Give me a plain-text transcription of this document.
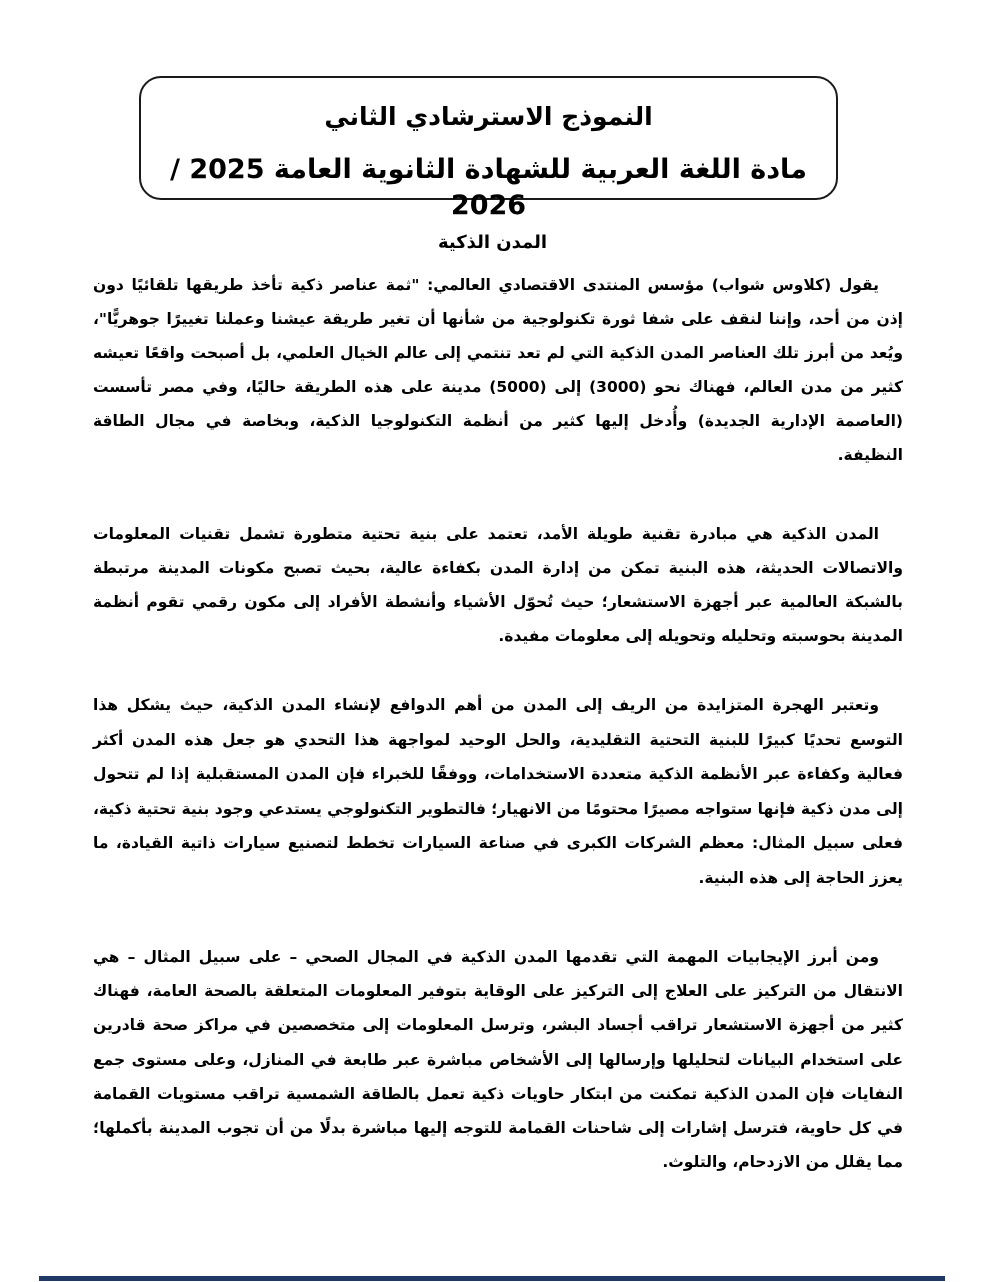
النموذج الاسترشادي الثاني
مادة اللغة العربية للشهادة الثانوية العامة 2025 / 2026
المدن الذكية

يقول (كلاوس شواب) مؤسس المنتدى الاقتصادي العالمي: "ثمة عناصر ذكية تأخذ طريقها تلقائيًا دون إذن من أحد، وإننا لنقف على شفا ثورة تكنولوجية من شأنها أن تغير طريقة عيشنا وعملنا تغييرًا جوهريًّا"، ويُعد من أبرز تلك العناصر المدن الذكية التي لم تعد تنتمي إلى عالم الخيال العلمي، بل أصبحت واقعًا تعيشه كثير من مدن العالم، فهناك نحو (3000) إلى (5000) مدينة على هذه الطريقة حاليًا، وفي مصر تأسست (العاصمة الإدارية الجديدة) وأُدخل إليها كثير من أنظمة التكنولوجيا الذكية، وبخاصة في مجال الطاقة النظيفة.

المدن الذكية هي مبادرة تقنية طويلة الأمد، تعتمد على بنية تحتية متطورة تشمل تقنيات المعلومات والاتصالات الحديثة، هذه البنية تمكن من إدارة المدن بكفاءة عالية، بحيث تصبح مكونات المدينة مرتبطة بالشبكة العالمية عبر أجهزة الاستشعار؛ حيث تُحوّل الأشياء وأنشطة الأفراد إلى مكون رقمي تقوم أنظمة المدينة بحوسبته وتحليله وتحويله إلى معلومات مفيدة.

وتعتبر الهجرة المتزايدة من الريف إلى المدن من أهم الدوافع لإنشاء المدن الذكية، حيث يشكل هذا التوسع تحديًا كبيرًا للبنية التحتية التقليدية، والحل الوحيد لمواجهة هذا التحدي هو جعل هذه المدن أكثر فعالية وكفاءة عبر الأنظمة الذكية متعددة الاستخدامات، ووفقًا للخبراء فإن المدن المستقبلية إذا لم تتحول إلى مدن ذكية فإنها ستواجه مصيرًا محتومًا من الانهيار؛ فالتطوير التكنولوجي يستدعي وجود بنية تحتية ذكية، فعلى سبيل المثال: معظم الشركات الكبرى في صناعة السيارات تخطط لتصنيع سيارات ذاتية القيادة، ما يعزز الحاجة إلى هذه البنية.

ومن أبرز الإيجابيات المهمة التي تقدمها المدن الذكية في المجال الصحي – على سبيل المثال – هي الانتقال من التركيز على العلاج إلى التركيز على الوقاية بتوفير المعلومات المتعلقة بالصحة العامة، فهناك كثير من أجهزة الاستشعار تراقب أجساد البشر، وترسل المعلومات إلى متخصصين في مراكز صحة قادرين على استخدام البيانات لتحليلها وإرسالها إلى الأشخاص مباشرة عبر طابعة في المنازل، وعلى مستوى جمع النفايات فإن المدن الذكية تمكنت من ابتكار حاويات ذكية تعمل بالطاقة الشمسية تراقب مستويات القمامة في كل حاوية، فترسل إشارات إلى شاحنات القمامة للتوجه إليها مباشرة بدلًا من أن تجوب المدينة بأكملها؛ مما يقلل من الازدحام، والتلوث.
